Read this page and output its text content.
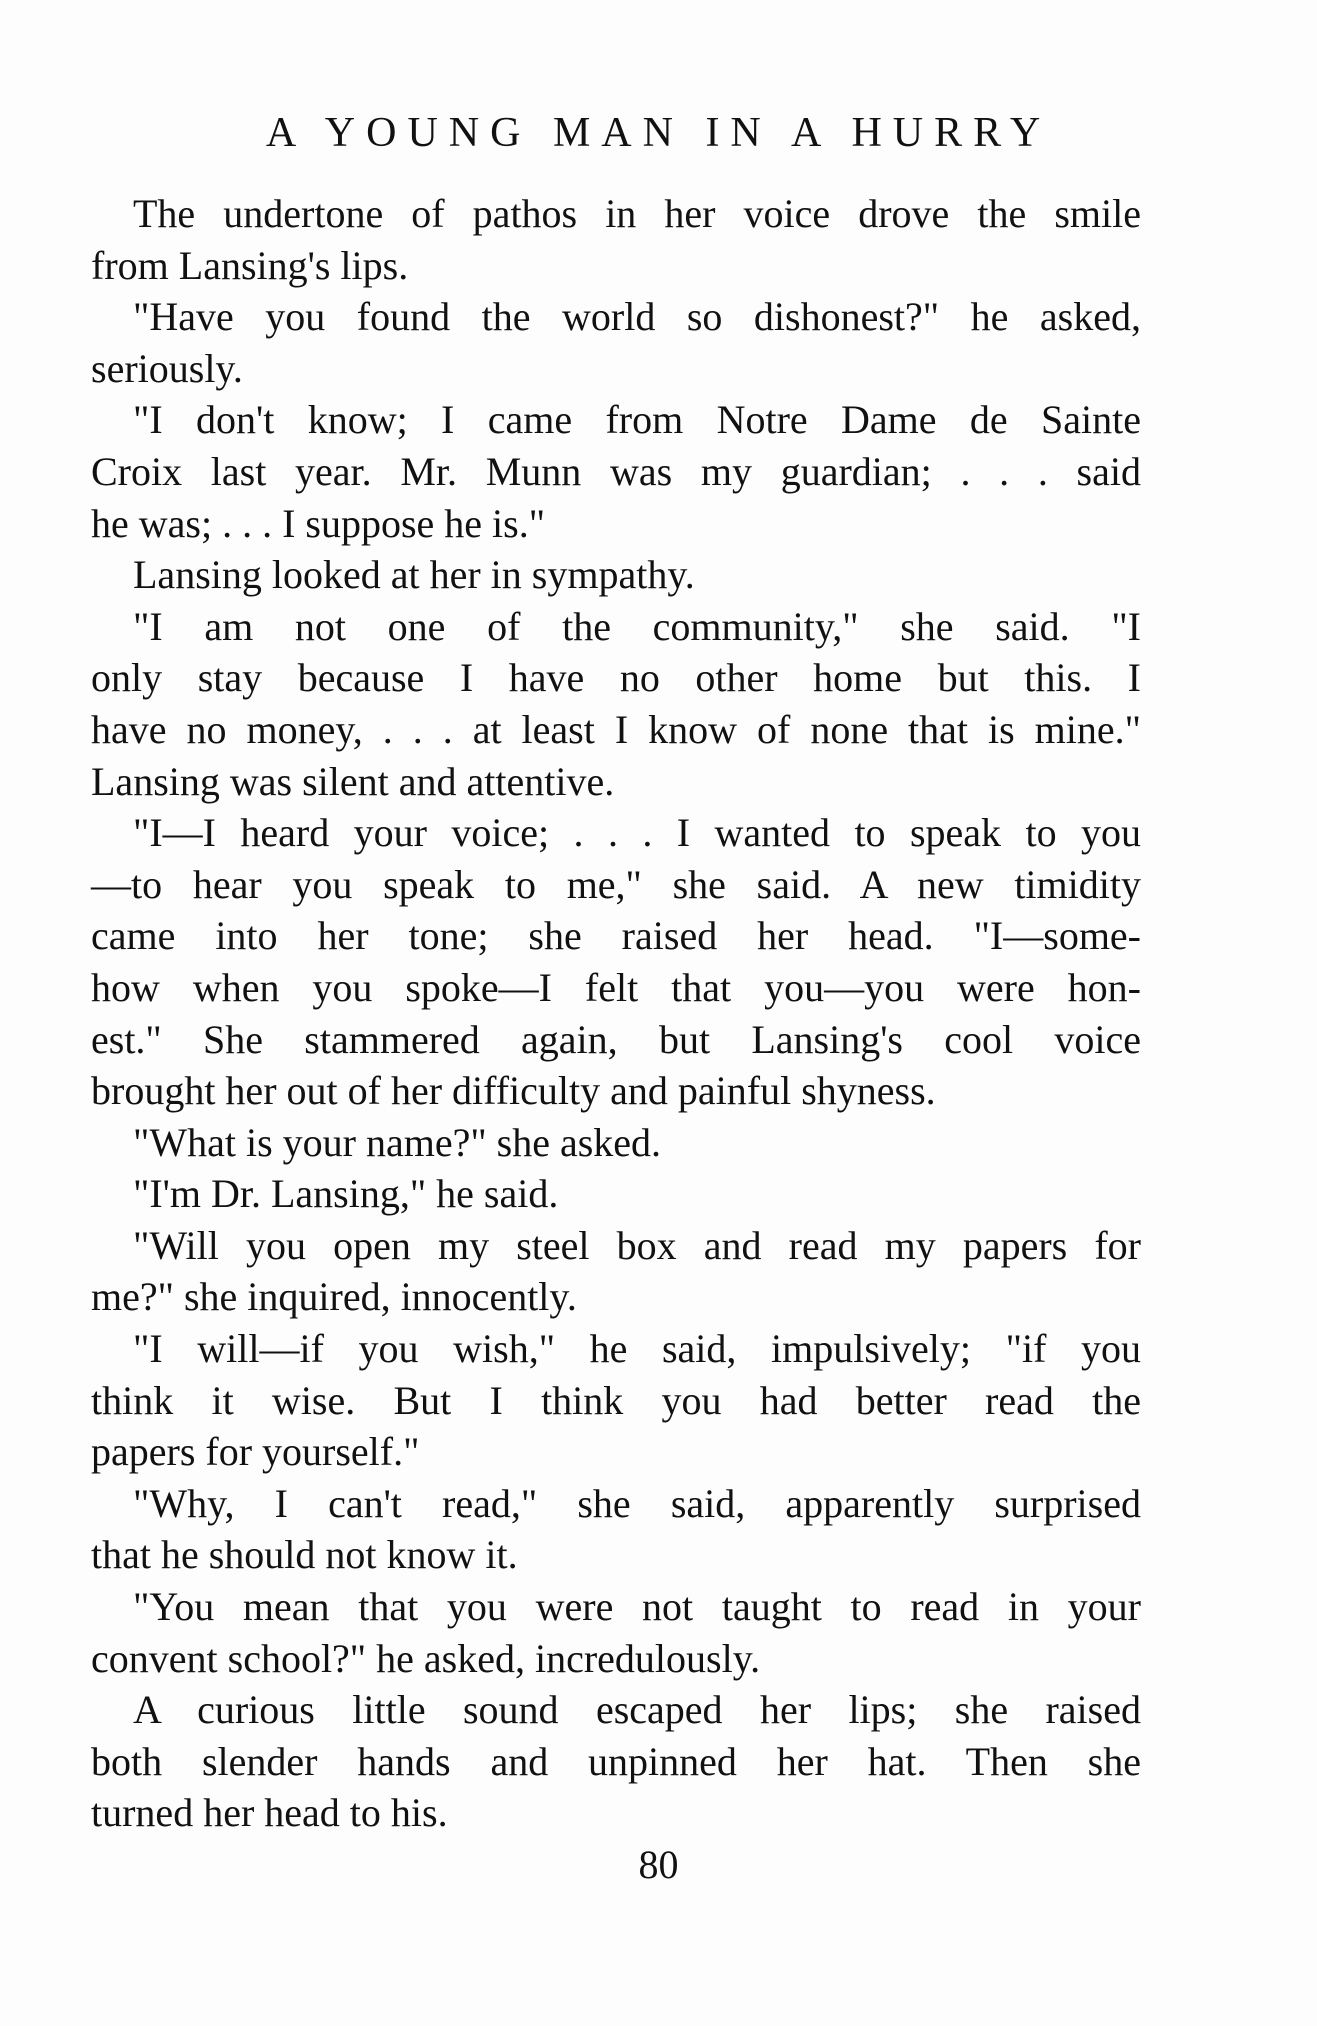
A YOUNG MAN IN A HURRY
The undertone of pathos in her voice drove the smile
from Lansing's lips.
"Have you found the world so dishonest?" he asked,
seriously.
"I don't know; I came from Notre Dame de Sainte
Croix last year. Mr. Munn was my guardian; . . . said
he was; . . . I suppose he is."
Lansing looked at her in sympathy.
"I am not one of the community," she said. "I
only stay because I have no other home but this. I
have no money, . . . at least I know of none that is mine."
Lansing was silent and attentive.
"I—I heard your voice; . . . I wanted to speak to you
—to hear you speak to me," she said. A new timidity
came into her tone; she raised her head. "I—some-
how when you spoke—I felt that you—you were hon-
est." She stammered again, but Lansing's cool voice
brought her out of her difficulty and painful shyness.
"What is your name?" she asked.
"I'm Dr. Lansing," he said.
"Will you open my steel box and read my papers for
me?" she inquired, innocently.
"I will—if you wish," he said, impulsively; "if you
think it wise. But I think you had better read the
papers for yourself."
"Why, I can't read," she said, apparently surprised
that he should not know it.
"You mean that you were not taught to read in your
convent school?" he asked, incredulously.
A curious little sound escaped her lips; she raised
both slender hands and unpinned her hat. Then she
turned her head to his.
80
